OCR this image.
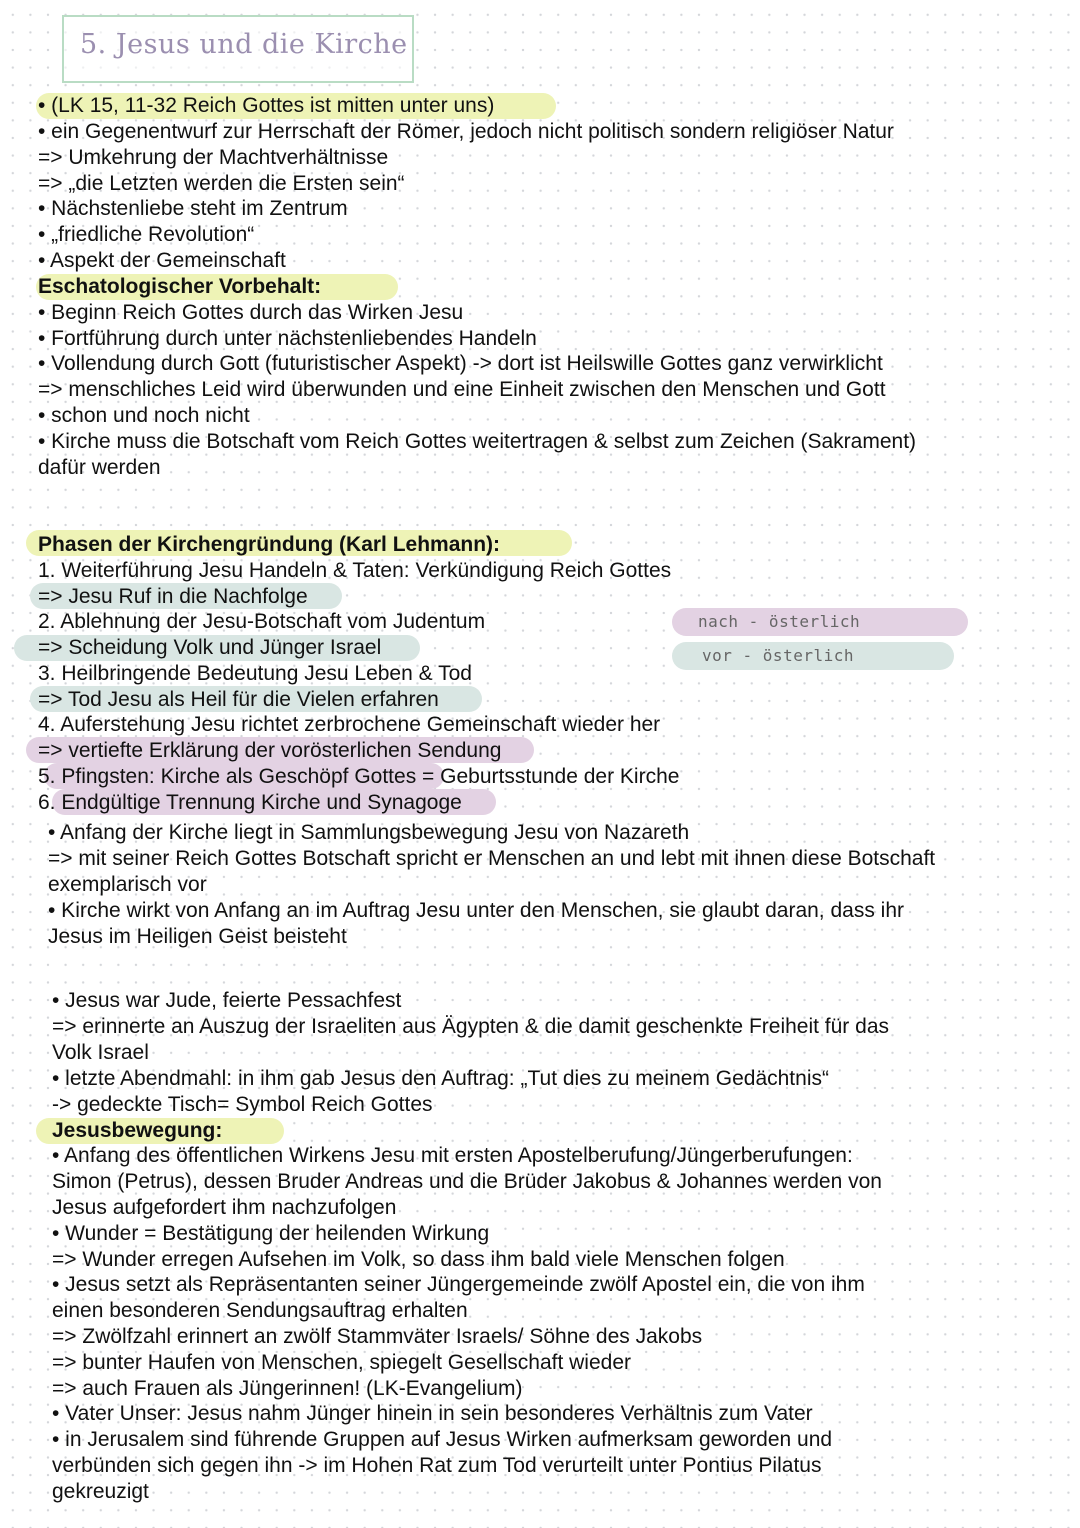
5. Jesus und die Kirche
nach - österlich
vor - österlich
• (LK 15, 11-32 Reich Gottes ist mitten unter uns)
• ein Gegenentwurf zur Herrschaft der Römer, jedoch nicht politisch sondern religiöser Natur
=> Umkehrung der Machtverhältnisse
=> „die Letzten werden die Ersten sein“
• Nächstenliebe steht im Zentrum
• „friedliche Revolution“
• Aspekt der Gemeinschaft
Eschatologischer Vorbehalt:
• Beginn Reich Gottes durch das Wirken Jesu
• Fortführung durch unter nächstenliebendes Handeln
• Vollendung durch Gott (futuristischer Aspekt) -> dort ist Heilswille Gottes ganz verwirklicht
=> menschliches Leid wird überwunden und eine Einheit zwischen den Menschen und Gott
• schon und noch nicht
• Kirche muss die Botschaft vom Reich Gottes weitertragen & selbst zum Zeichen (Sakrament)
dafür werden
Phasen der Kirchengründung (Karl Lehmann):
1. Weiterführung Jesu Handeln & Taten: Verkündigung Reich Gottes
=> Jesu Ruf in die Nachfolge
2. Ablehnung der Jesu-Botschaft vom Judentum
=> Scheidung Volk und Jünger Israel
3. Heilbringende Bedeutung Jesu Leben & Tod
=> Tod Jesu als Heil für die Vielen erfahren
4. Auferstehung Jesu richtet zerbrochene Gemeinschaft wieder her
=> vertiefte Erklärung der vorösterlichen Sendung
5. Pfingsten: Kirche als Geschöpf Gottes = Geburtsstunde der Kirche
6. Endgültige Trennung Kirche und Synagoge
• Anfang der Kirche liegt in Sammlungsbewegung Jesu von Nazareth
=> mit seiner Reich Gottes Botschaft spricht er Menschen an und lebt mit ihnen diese Botschaft
exemplarisch vor
• Kirche wirkt von Anfang an im Auftrag Jesu unter den Menschen, sie glaubt daran, dass ihr
Jesus im Heiligen Geist beisteht
• Jesus war Jude, feierte Pessachfest
=> erinnerte an Auszug der Israeliten aus Ägypten & die damit geschenkte Freiheit für das
Volk Israel
• letzte Abendmahl: in ihm gab Jesus den Auftrag: „Tut dies zu meinem Gedächtnis“
-> gedeckte Tisch= Symbol Reich Gottes
Jesusbewegung:
• Anfang des öffentlichen Wirkens Jesu mit ersten Apostelberufung/Jüngerberufungen:
Simon (Petrus), dessen Bruder Andreas und die Brüder Jakobus & Johannes werden von
Jesus aufgefordert ihm nachzufolgen
• Wunder = Bestätigung der heilenden Wirkung
=> Wunder erregen Aufsehen im Volk, so dass ihm bald viele Menschen folgen
• Jesus setzt als Repräsentanten seiner Jüngergemeinde zwölf Apostel ein, die von ihm
einen besonderen Sendungsauftrag erhalten
=> Zwölfzahl erinnert an zwölf Stammväter Israels/ Söhne des Jakobs
=> bunter Haufen von Menschen, spiegelt Gesellschaft wieder
=> auch Frauen als Jüngerinnen! (LK-Evangelium)
• Vater Unser: Jesus nahm Jünger hinein in sein besonderes Verhältnis zum Vater
• in Jerusalem sind führende Gruppen auf Jesus Wirken aufmerksam geworden und
verbünden sich gegen ihn -> im Hohen Rat zum Tod verurteilt unter Pontius Pilatus
gekreuzigt
